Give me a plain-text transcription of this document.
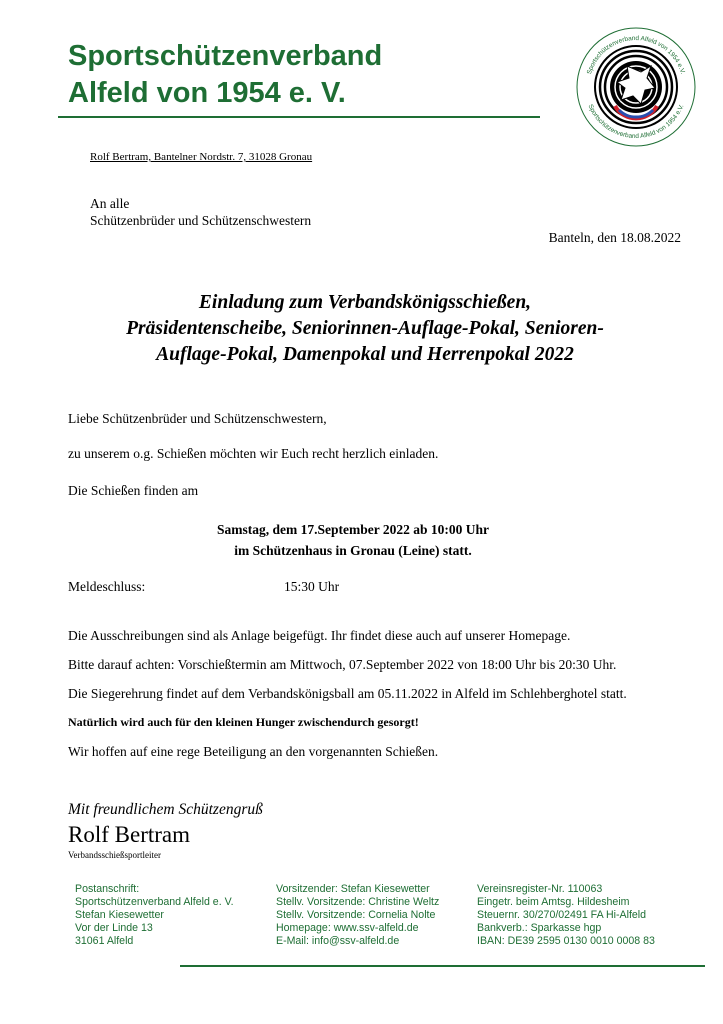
Sportschützenverband
Alfeld von 1954 e. V.
Sportschützenverband Alfeld von 1954 e.V.
Sportschützenverband Alfeld von 1954 e.V.
Rolf Bertram, Bantelner Nordstr. 7, 31028 Gronau
An alle
Schützenbrüder und Schützenschwestern
Banteln, den 18.08.2022
Einladung zum Verbandskönigsschießen,
Präsidentenscheibe, Seniorinnen-Auflage-Pokal, Senioren-
Auflage-Pokal, Damenpokal und Herrenpokal 2022
Liebe Schützenbrüder und Schützenschwestern,
zu unserem o.g. Schießen möchten wir Euch recht herzlich einladen.
Die Schießen finden am
Samstag, dem 17.September 2022 ab 10:00 Uhr
im Schützenhaus in Gronau (Leine) statt.
Meldeschluss:	15:30 Uhr
Die Ausschreibungen sind als Anlage beigefügt. Ihr findet diese auch auf unserer Homepage.
Bitte darauf achten: Vorschießtermin am Mittwoch, 07.September 2022 von 18:00 Uhr bis 20:30 Uhr.
Die Siegerehrung findet auf dem Verbandskönigsball am 05.11.2022 in Alfeld im Schlehberghotel statt.
Natürlich wird auch für den kleinen Hunger zwischendurch gesorgt!
Wir hoffen auf eine rege Beteiligung an den vorgenannten Schießen.
Mit freundlichem Schützengruß
Rolf Bertram
Verbandsschießsportleiter
Postanschrift:
Sportschützenverband Alfeld e. V.
Stefan Kiesewetter
Vor der Linde 13
31061 Alfeld
Vorsitzender: Stefan Kiesewetter
Stellv. Vorsitzende: Christine Weltz
Stellv. Vorsitzende: Cornelia Nolte
Homepage: www.ssv-alfeld.de
E-Mail: info@ssv-alfeld.de
Vereinsregister-Nr. 110063
Eingetr. beim Amtsg. Hildesheim
Steuernr. 30/270/02491 FA Hi-Alfeld
Bankverb.: Sparkasse hgp
IBAN: DE39 2595 0130 0010 0008 83
